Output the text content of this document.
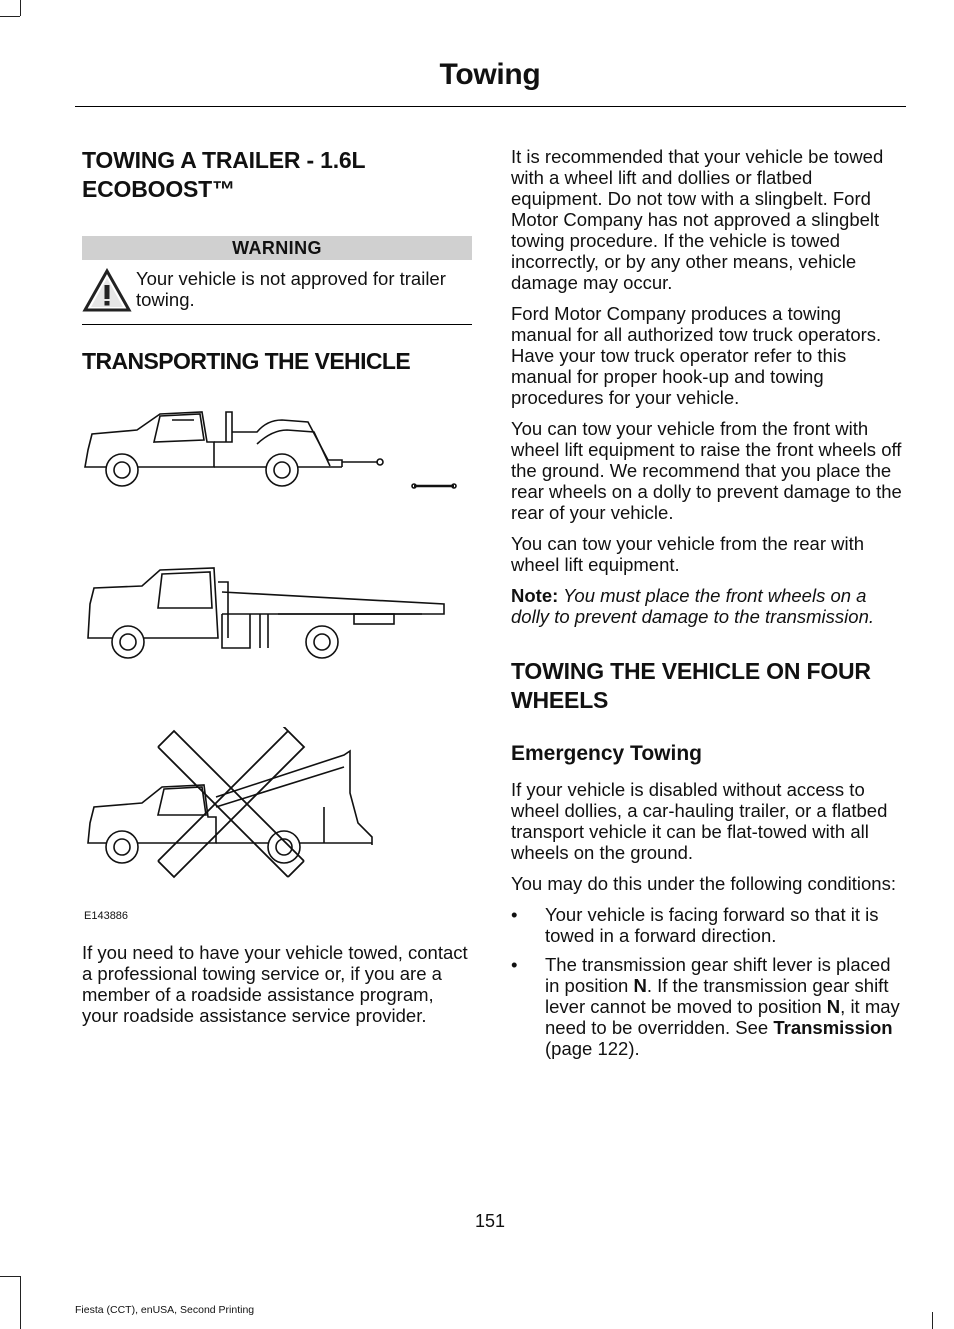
Towing
TOWING A TRAILER - 1.6L ECOBOOST™
WARNING
Your vehicle is not approved for trailer towing.
TRANSPORTING THE VEHICLE
E143886

If you need to have your vehicle towed, contact a professional towing service or, if you are a member of a roadside assistance program, your roadside assistance service provider.

It is recommended that your vehicle be towed with a wheel lift and dollies or flatbed equipment. Do not tow with a slingbelt. Ford Motor Company has not approved a slingbelt towing procedure. If the vehicle is towed incorrectly, or by any other means, vehicle damage may occur.

Ford Motor Company produces a towing manual for all authorized tow truck operators. Have your tow truck operator refer to this manual for proper hook-up and towing procedures for your vehicle.

You can tow your vehicle from the front with wheel lift equipment to raise the front wheels off the ground. We recommend that you place the rear wheels on a dolly to prevent damage to the rear of your vehicle.

You can tow your vehicle from the rear with wheel lift equipment.

Note: You must place the front wheels on a dolly to prevent damage to the transmission.

TOWING THE VEHICLE ON FOUR WHEELS
Emergency Towing

If your vehicle is disabled without access to wheel dollies, a car-hauling trailer, or a flatbed transport vehicle it can be flat-towed with all wheels on the ground.

You may do this under the following conditions:

• Your vehicle is facing forward so that it is towed in a forward direction.
• The transmission gear shift lever is placed in position N. If the transmission gear shift lever cannot be moved to position N, it may need to be overridden. See Transmission (page 122).
151
Fiesta (CCT), enUSA, Second Printing
